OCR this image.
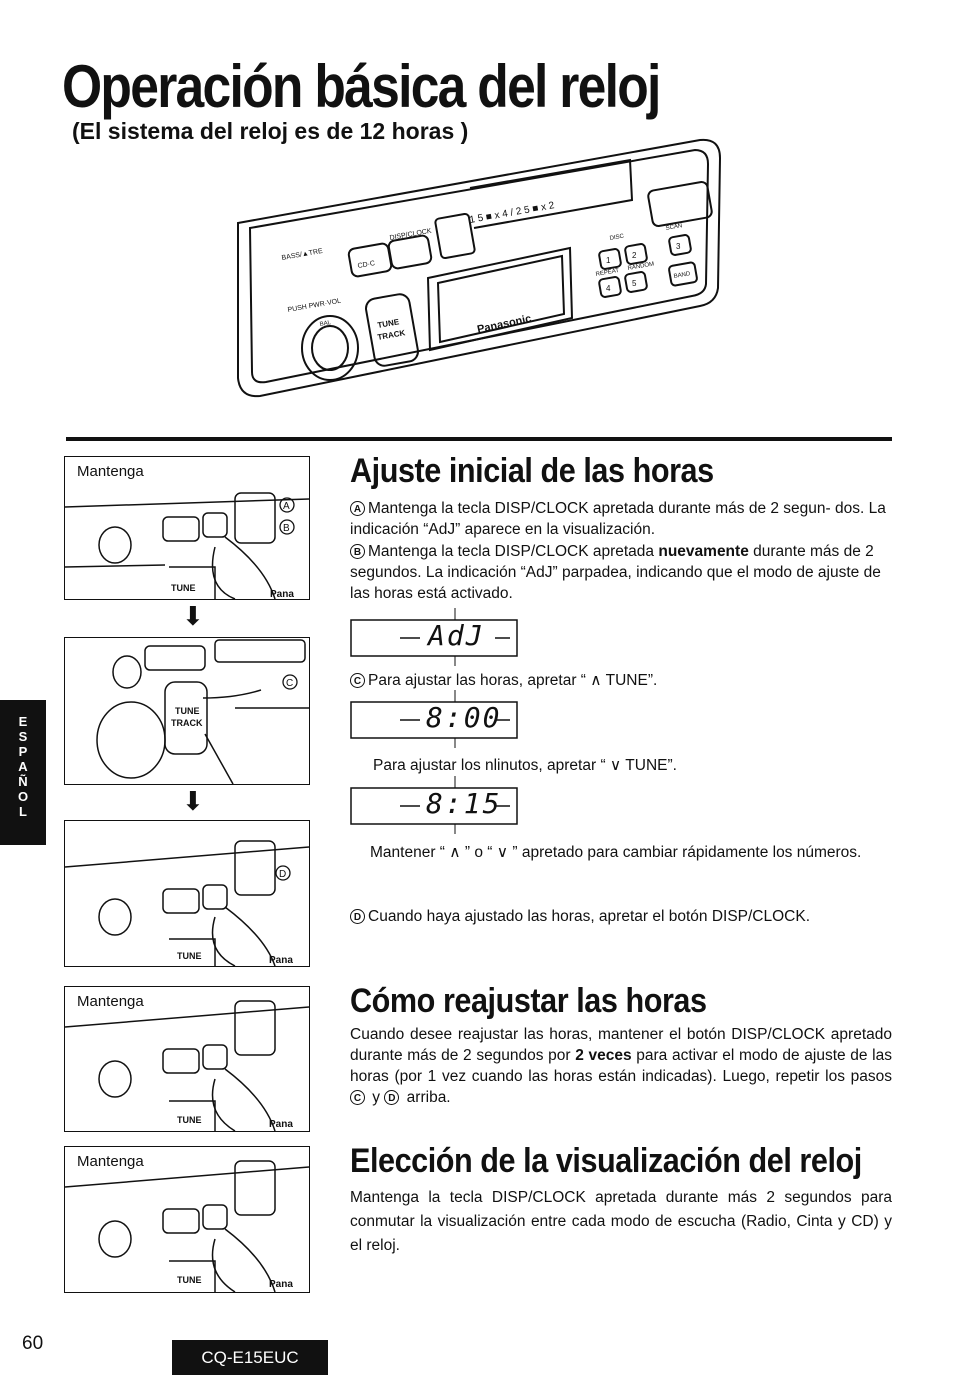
Operación básica del reloj
(El sistema del reloj es de 12 horas )
1 5 ■ x 4 / 2 5 ■ x 2
Panasonic
BASS/▲TRE
DISP/CLOCK
PUSH PWR·VOL
TUNE
TRACK
CD·C	1
2
3
4
5
DISC
SCAN
REPEAT
RANDOM
BAND
BAL
E
S
P
A
Ñ
O
L
A
B
TUNE
Pana
Mantenga
⬇
C
TUNE
TRACK
⬇
D
TUNE	Pana
TUNE	Pana
Mantenga
TUNE	Pana
Mantenga
Ajuste inicial de las horas
A Mantenga la tecla DISP/CLOCK apretada durante más de 2 segun- dos. La indicación “AdJ” aparece en la visualización.
B Mantenga la tecla DISP/CLOCK apretada nuevamente durante más de 2 segundos. La indicación “AdJ” parpadea, indicando que el modo de ajuste de las horas está activado.
AdJ
C Para ajustar las horas, apretar “ ∧ TUNE”.
8:00
Para ajustar los nlinutos, apretar “ ∨ TUNE”.
8:15
Mantener “ ∧ ” o “ ∨ ” apretado para cambiar rápidamente los números.
D Cuando haya ajustado las horas, apretar el botón DISP/CLOCK.
Cómo reajustar las horas
Cuando desee reajustar las horas, mantener el botón DISP/CLOCK apretado durante más de 2 segundos por 2 veces para activar el modo de ajuste de las horas (por 1 vez cuando las horas están indicadas). Luego, repetir los pasos C y D arriba.
Elección de la visualización del reloj
Mantenga la tecla DISP/CLOCK apretada durante más 2 segundos para conmutar la visualización entre cada modo de escucha (Radio, Cinta y CD) y el reloj.
60
CQ-E15EUC
